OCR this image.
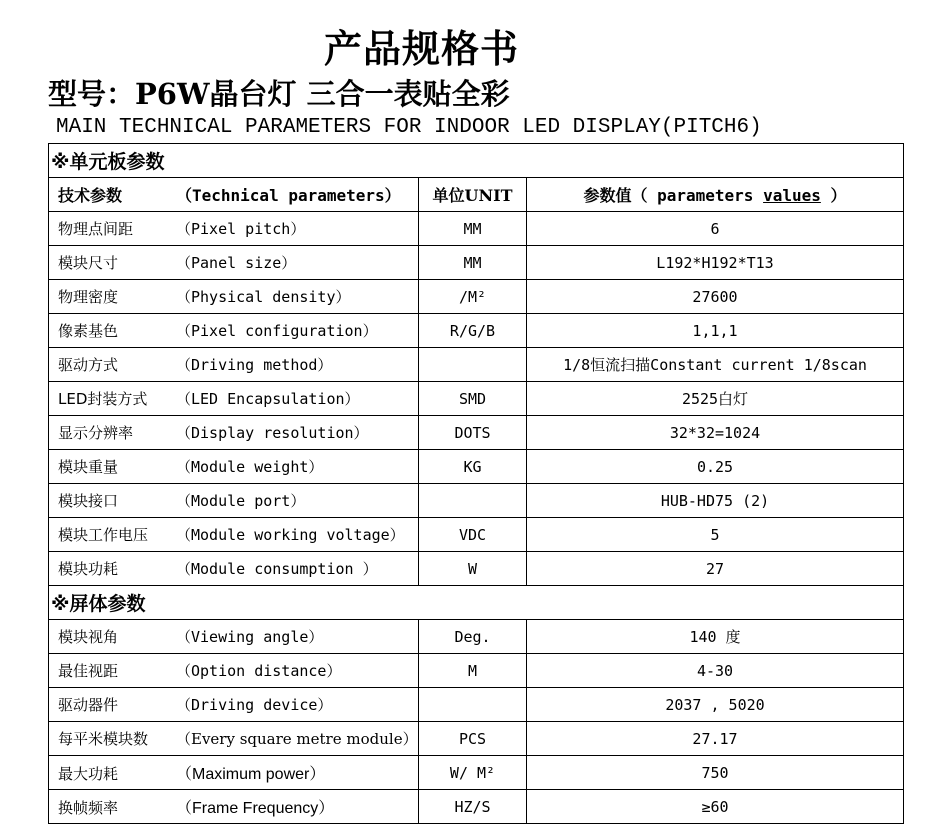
产品规格书
型号：P6W晶台灯 三合一表贴全彩
MAIN TECHNICAL PARAMETERS FOR INDOOR LED DISPLAY(PITCH6)
※单元板参数		
技术参数 （Technical parameters）	单位UNIT	参数值（ parameters values ）
物理点间距 （Pixel pitch）	MM	6
模块尺寸 （Panel size）	MM	L192*H192*T13
物理密度 （Physical density）	/M²	27600
像素基色 （Pixel configuration）	R/G/B	1,1,1
驱动方式 （Driving method）		1/8恒流扫描Constant current 1/8scan
LED封装方式 （LED Encapsulation）	SMD	2525白灯
显示分辨率 （Display resolution）	DOTS	32*32=1024
模块重量 （Module weight）	KG	0.25
模块接口 （Module port）		HUB-HD75 (2)
模块工作电压 （Module working voltage）	VDC	5
模块功耗 （Module consumption ）	W	27
※屏体参数		
模块视角 （Viewing angle）	Deg.	140 度
最佳视距 （Option distance）	M	4-30
驱动器件 （Driving device）		2037 , 5020
每平米模块数 （Every square metre module）	PCS	27.17
最大功耗 （Maximum power）	W/ M²	750
换帧频率 （Frame Frequency）	HZ/S	≥60
